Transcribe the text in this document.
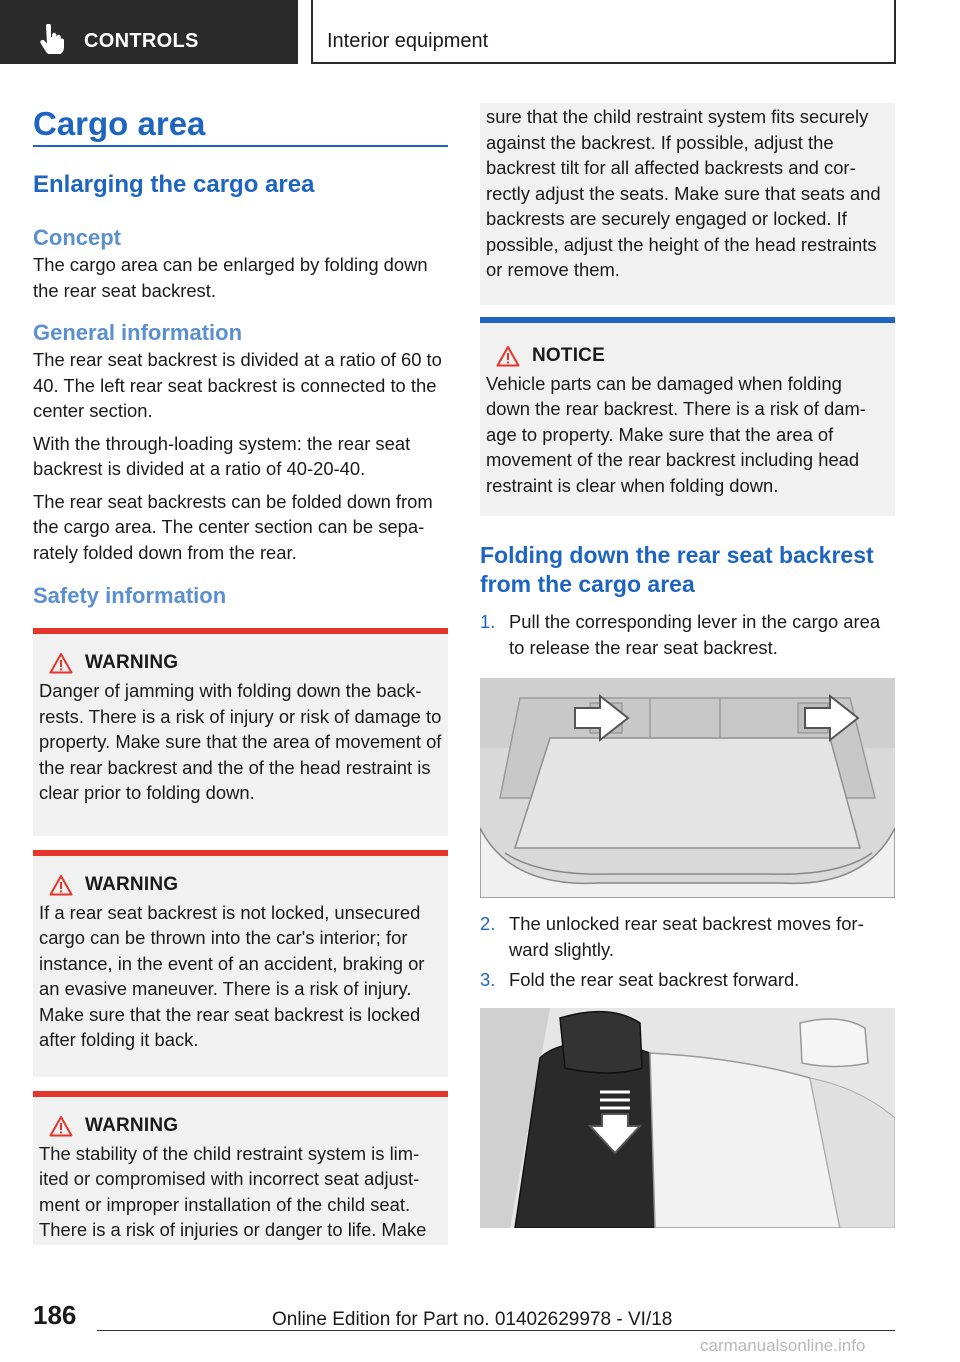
CONTROLS	Interior equipment
Cargo area
Enlarging the cargo area
Concept
The cargo area can be enlarged by folding down the rear seat backrest.
General information
The rear seat backrest is divided at a ratio of 60 to 40. The left rear seat backrest is connected to the center section.
With the through-loading system: the rear seat backrest is divided at a ratio of 40-20-40.
The rear seat backrests can be folded down from the cargo area. The center section can be separately folded down from the rear.
Safety information
WARNING
Danger of jamming with folding down the backrests. There is a risk of injury or risk of damage to property. Make sure that the area of movement of the rear backrest and the of the head restraint is clear prior to folding down.
WARNING
If a rear seat backrest is not locked, unsecured cargo can be thrown into the car's interior; for instance, in the event of an accident, braking or an evasive maneuver. There is a risk of injury. Make sure that the rear seat backrest is locked after folding it back.
WARNING
The stability of the child restraint system is limited or compromised with incorrect seat adjustment or improper installation of the child seat. There is a risk of injuries or danger to life. Make
sure that the child restraint system fits securely against the backrest. If possible, adjust the backrest tilt for all affected backrests and correctly adjust the seats. Make sure that seats and backrests are securely engaged or locked. If possible, adjust the height of the head restraints or remove them.
NOTICE
Vehicle parts can be damaged when folding down the rear backrest. There is a risk of damage to property. Make sure that the area of movement of the rear backrest including head restraint is clear when folding down.
Folding down the rear seat backrest from the cargo area
1. Pull the corresponding lever in the cargo area to release the rear seat backrest.
2. The unlocked rear seat backrest moves forward slightly.
3. Fold the rear seat backrest forward.
186	Online Edition for Part no. 01402629978 - VI/18
carmanualsonline.info
